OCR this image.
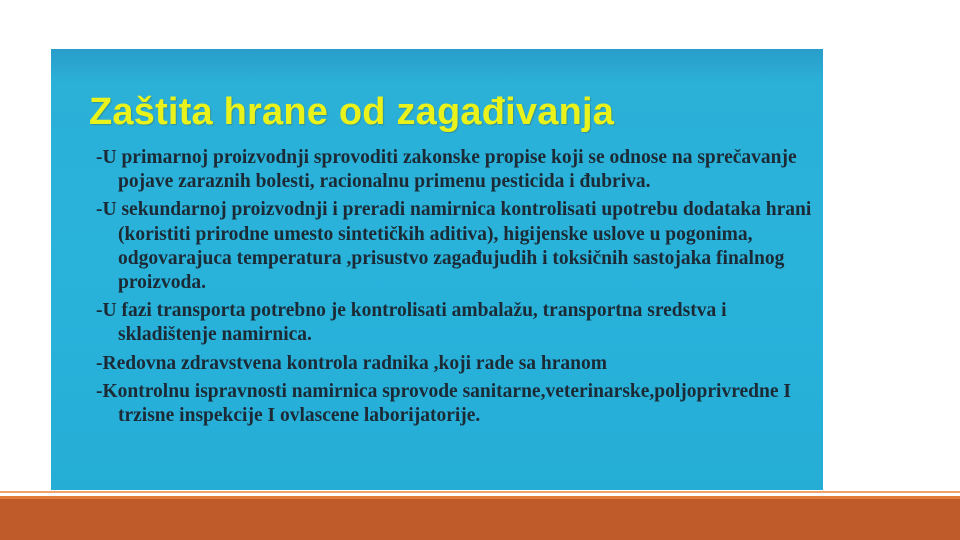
Zaštita hrane od zagađivanja
-U primarnoj proizvodnji sprovoditi zakonske propise koji se odnose na sprečavanje pojave zaraznih bolesti, racionalnu primenu pesticida i đubriva.
-U sekundarnoj proizvodnji i preradi namirnica kontrolisati upotrebu dodataka hrani (koristiti prirodne umesto sintetičkih aditiva), higijenske uslove u pogonima, odgovarajuca temperatura ,prisustvo zagađujudih i toksičnih sastojaka finalnog proizvoda.
-U fazi transporta potrebno je kontrolisati ambalažu, transportna sredstva i skladištenje namirnica.
-Redovna zdravstvena kontrola radnika ,koji rade sa hranom
-Kontrolnu ispravnosti namirnica sprovode sanitarne,veterinarske,poljoprivredne I trzisne inspekcije I ovlascene laborijatorije.
